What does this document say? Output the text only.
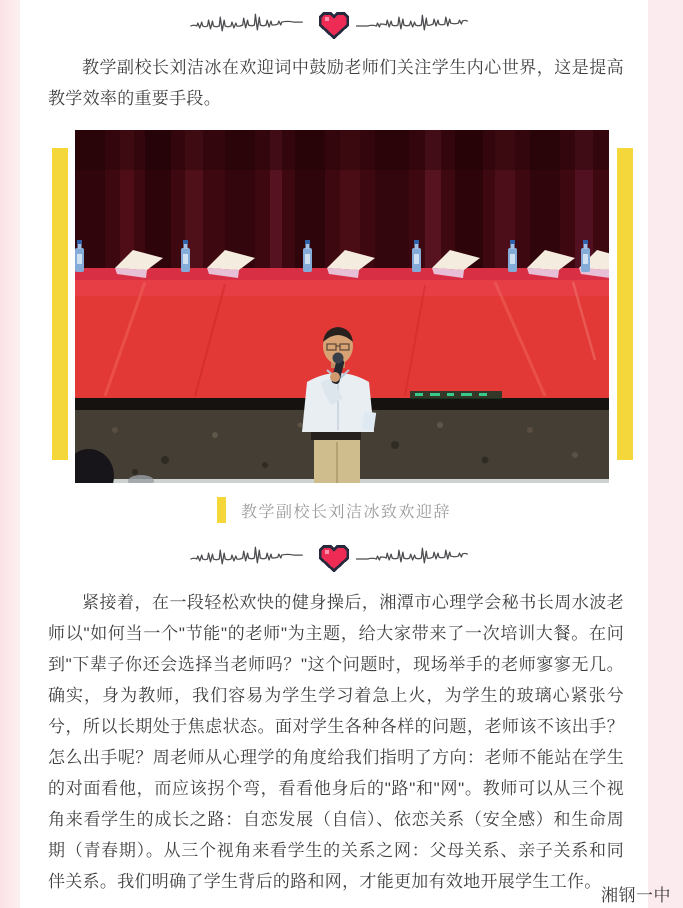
教学副校长刘洁冰在欢迎词中鼓励老师们关注学生内心世界，这是提高教学效率的重要手段。

教学副校长刘洁冰致欢迎辞

紧接着，在一段轻松欢快的健身操后，湘潭市心理学会秘书长周水波老师以"如何当一个"节能"的老师"为主题，给大家带来了一次培训大餐。在问到"下辈子你还会选择当老师吗？"这个问题时，现场举手的老师寥寥无几。确实，身为教师，我们容易为学生学习着急上火，为学生的玻璃心紧张兮兮，所以长期处于焦虑状态。面对学生各种各样的问题，老师该不该出手？怎么出手呢？周老师从心理学的角度给我们指明了方向：老师不能站在学生的对面看他，而应该拐个弯，看看他身后的"路"和"网"。教师可以从三个视角来看学生的成长之路：自恋发展（自信）、依恋关系（安全感）和生命周期（青春期）。从三个视角来看学生的关系之网：父母关系、亲子关系和同伴关系。我们明确了学生背后的路和网，才能更加有效地开展学生工作。

湘钢一中
